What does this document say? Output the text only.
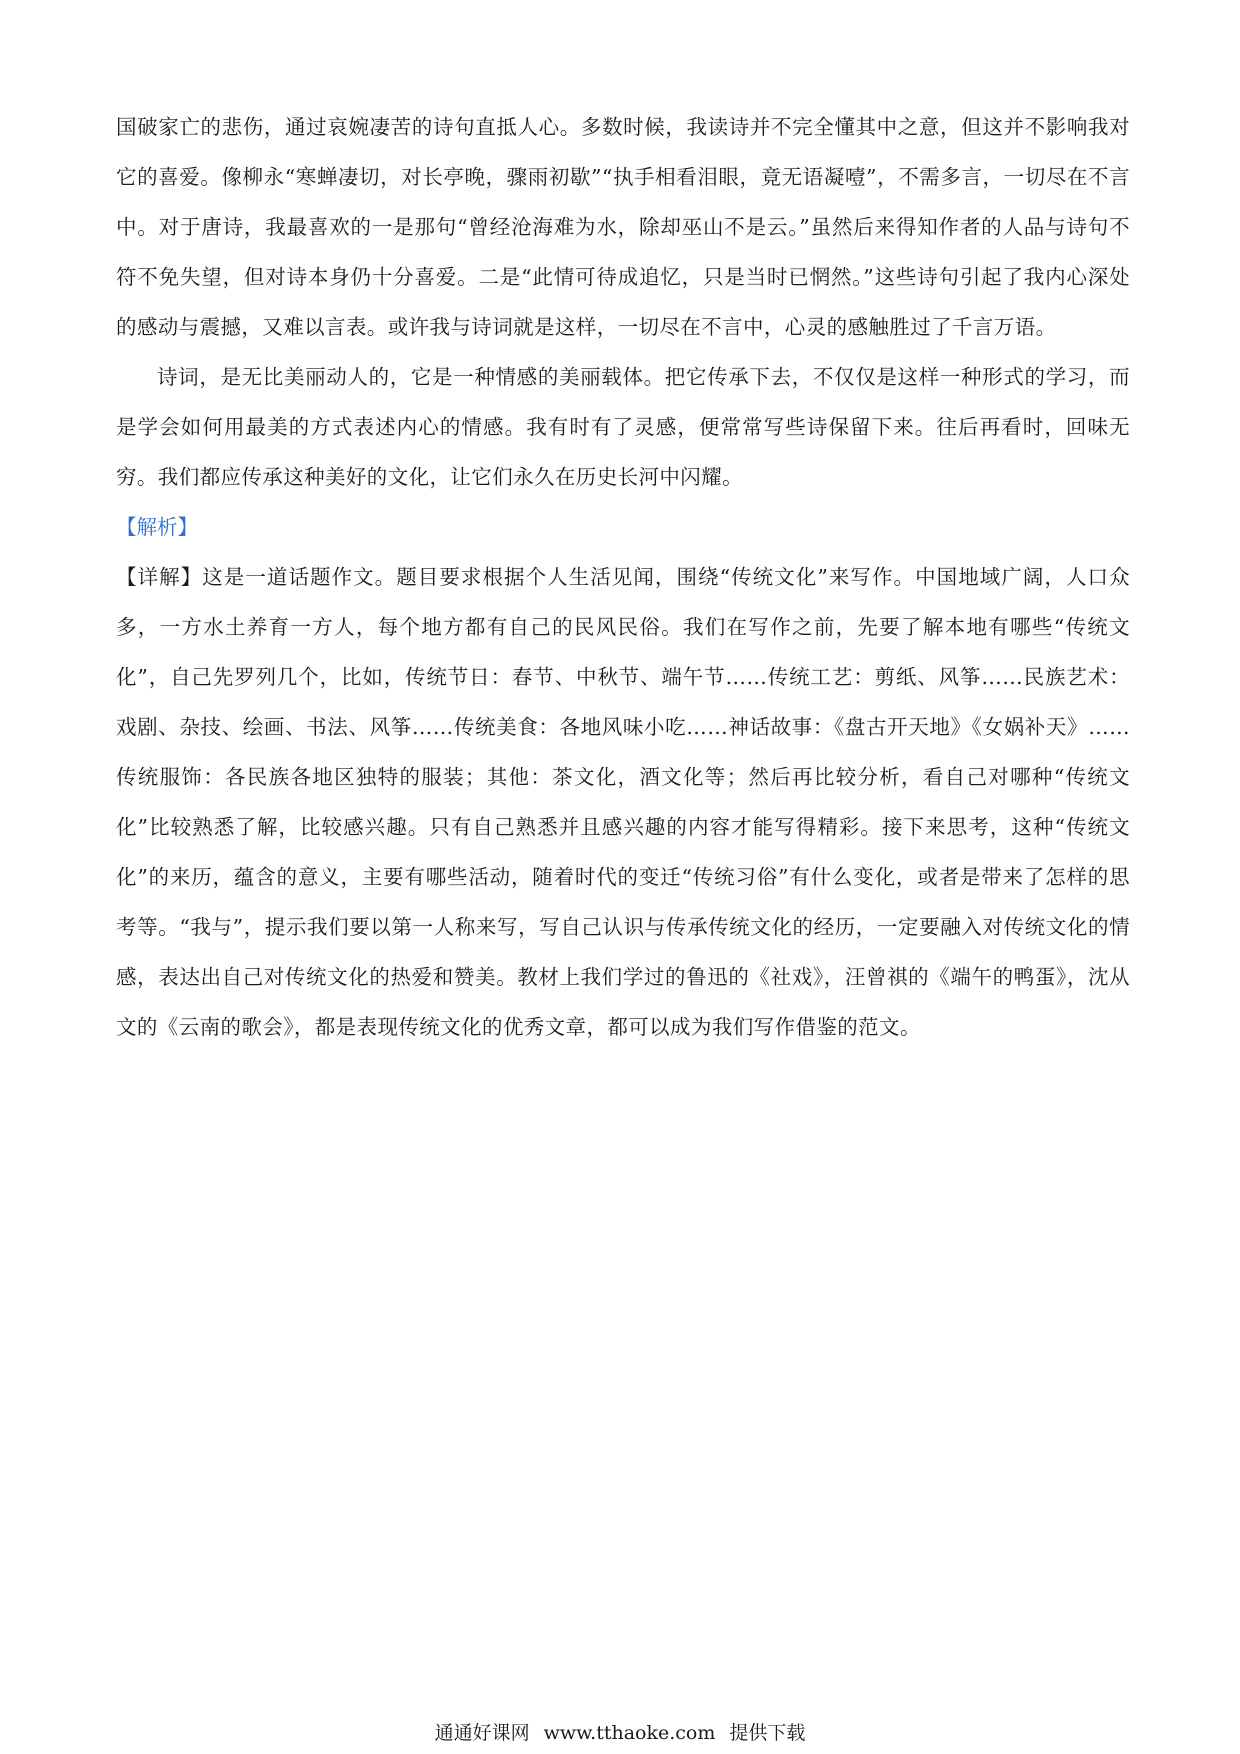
国破家亡的悲伤，通过哀婉凄苦的诗句直抵人心。多数时候，我读诗并不完全懂其中之意，但这并不影响我对它的喜爱。像柳永“寒蝉凄切，对长亭晚，骤雨初歇”“执手相看泪眼，竟无语凝噎”，不需多言，一切尽在不言中。对于唐诗，我最喜欢的一是那句“曾经沧海难为水，除却巫山不是云。”虽然后来得知作者的人品与诗句不符不免失望，但对诗本身仍十分喜爱。二是“此情可待成追忆，只是当时已惘然。”这些诗句引起了我内心深处的感动与震撼，又难以言表。或许我与诗词就是这样，一切尽在不言中，心灵的感触胜过了千言万语。

诗词，是无比美丽动人的，它是一种情感的美丽载体。把它传承下去，不仅仅是这样一种形式的学习，而是学会如何用最美的方式表述内心的情感。我有时有了灵感，便常常写些诗保留下来。往后再看时，回味无穷。我们都应传承这种美好的文化，让它们永久在历史长河中闪耀。

【解析】

【详解】这是一道话题作文。题目要求根据个人生活见闻，围绕“传统文化”来写作。中国地域广阔，人口众多，一方水土养育一方人，每个地方都有自己的民风民俗。我们在写作之前，先要了解本地有哪些“传统文化”，自己先罗列几个，比如，传统节日：春节、中秋节、端午节……传统工艺：剪纸、风筝……民族艺术：戏剧、杂技、绘画、书法、风筝……传统美食：各地风味小吃……神话故事：《盘古开天地》《女娲补天》……传统服饰：各民族各地区独特的服装；其他：茶文化，酒文化等；然后再比较分析，看自己对哪种“传统文化”比较熟悉了解，比较感兴趣。只有自己熟悉并且感兴趣的内容才能写得精彩。接下来思考，这种“传统文化”的来历，蕴含的意义，主要有哪些活动，随着时代的变迁“传统习俗”有什么变化，或者是带来了怎样的思考等。“我与”，提示我们要以第一人称来写，写自己认识与传承传统文化的经历，一定要融入对传统文化的情感，表达出自己对传统文化的热爱和赞美。教材上我们学过的鲁迅的《社戏》，汪曾祺的《端午的鸭蛋》，沈从文的《云南的歌会》，都是表现传统文化的优秀文章，都可以成为我们写作借鉴的范文。

通通好课网 www.tthaoke.com 提供下载
